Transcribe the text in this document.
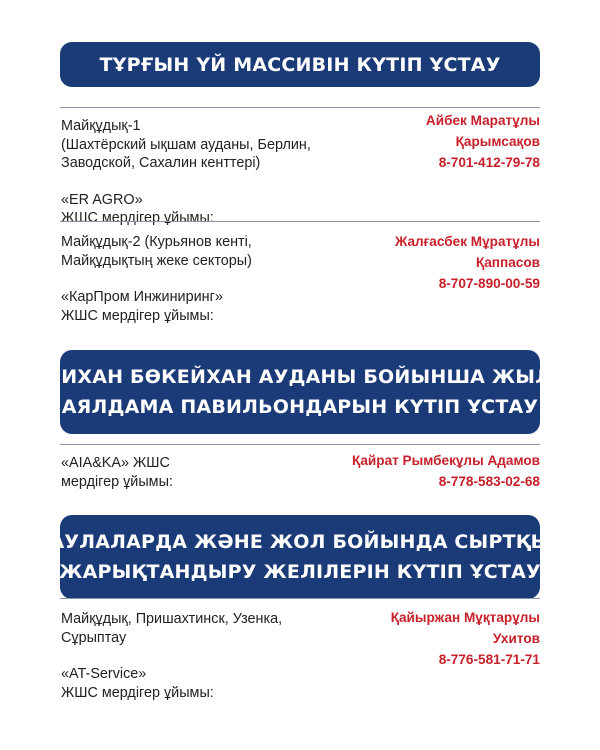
ТҰРҒЫН ҮЙ МАССИВІН КҮТІП ҰСТАУ
Майқұдық-1
(Шахтёрский ықшам ауданы, Берлин,
Заводской, Сахалин кенттері)
«ER AGRO»
ЖШС мердігер ұйымы:
Айбек Маратұлы
Қарымсақов
8-701-412-79-78
Майқұдық-2 (Курьянов кенті,
Майқұдықтың жеке секторы)
«КарПром Инжиниринг»
ЖШС мердігер ұйымы:
Жалғасбек Мұратұлы
Қаппасов
8-707-890-00-59
ӘЛИХАН БӨКЕЙХАН АУДАНЫ БОЙЫНША ЖЫЛЫ
АЯЛДАМА ПАВИЛЬОНДАРЫН КҮТІП ҰСТАУ
«AIA&KA» ЖШС
мердігер ұйымы:
Қайрат Рымбекұлы Адамов
8-778-583-02-68
АУЛАЛАРДА ЖӘНЕ ЖОЛ БОЙЫНДА СЫРТҚЫ
ЖАРЫҚТАНДЫРУ ЖЕЛІЛЕРІН КҮТІП ҰСТАУ
Майқұдық, Пришахтинск, Узенка,
Сұрыптау
«AT-Service»
ЖШС мердігер ұйымы:
Қайыржан Мұқтарұлы
Ухитов
8-776-581-71-71
